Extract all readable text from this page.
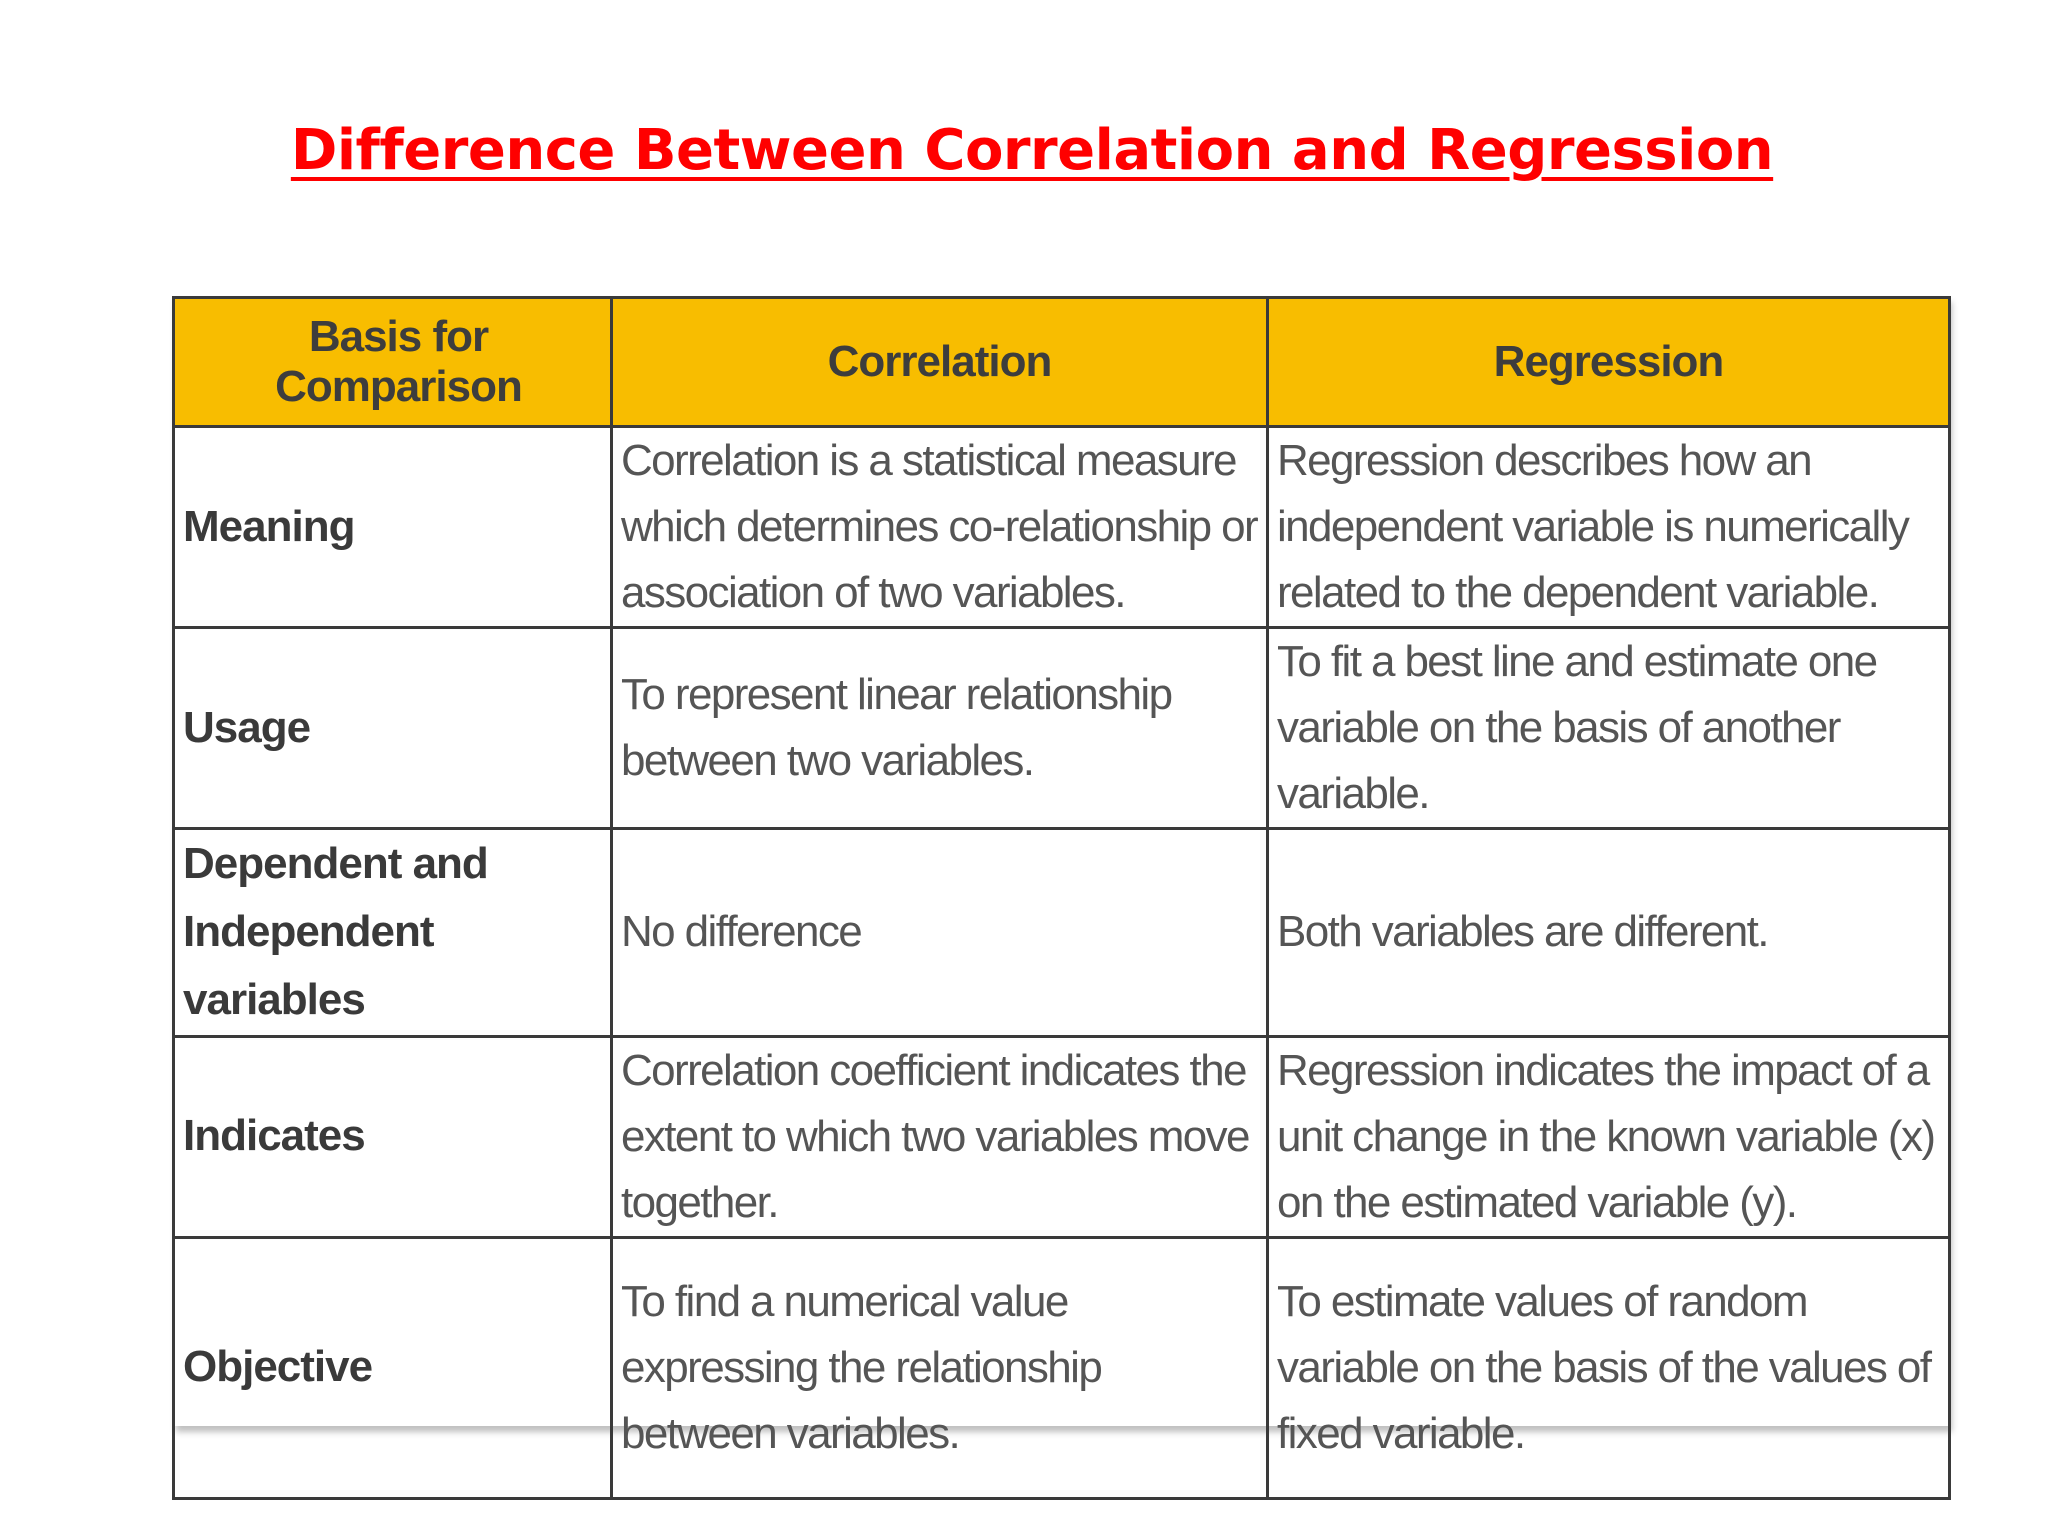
Difference Between Correlation and Regression
Basis for Comparison	Correlation	Regression
Meaning	Correlation is a statistical measure which determines co-relationship or association of two variables.	Regression describes how an independent variable is numerically related to the dependent variable.
Usage	To represent linear relationship between two variables.	To fit a best line and estimate one variable on the basis of another variable.
Dependent and Independent variables	No difference	Both variables are different.
Indicates	Correlation coefficient indicates the extent to which two variables move together.	Regression indicates the impact of a unit change in the known variable (x) on the estimated variable (y).
Objective	To find a numerical value expressing the relationship between variables.	To estimate values of random variable on the basis of the values of fixed variable.
